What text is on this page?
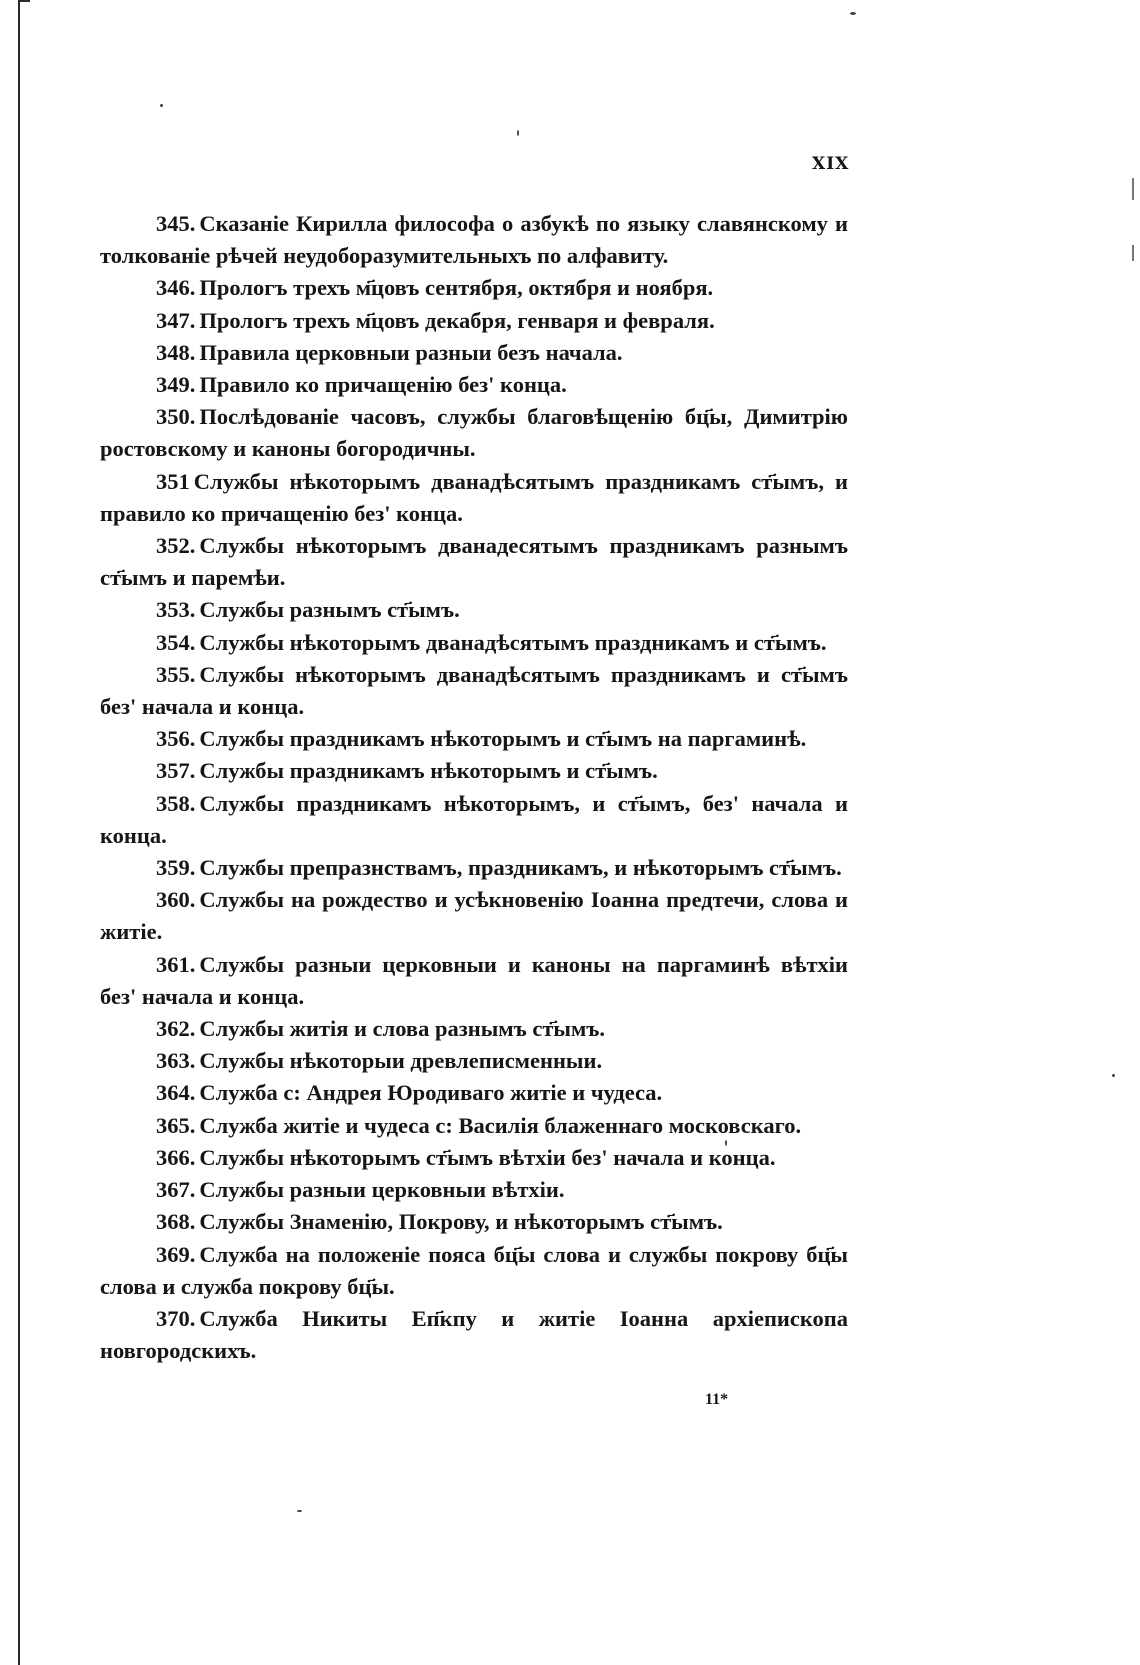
XIX

345. Сказаніе Кирилла философа о азбукѣ по языку славянскому и толкованіе рѣчей неудоборазумительныхъ по алфавиту.

346. Прологъ трехъ м҃цовъ сентября, октября и ноября.

347. Прологъ трехъ м҃цовъ декабря, генваря и февраля.

348. Правила церковныи разныи безъ начала.

349. Правило ко причащенію без' конца.

350. Послѣдованіе часовъ, службы благовѣщенію бц҃ы, Димитрію ростовскому и каноны богородичны.

351 Службы нѣкоторымъ дванадѣсятымъ праздникамъ ст҃ымъ, и правило ко причащенію без' конца.

352. Службы нѣкоторымъ дванадесятымъ праздникамъ разнымъ ст҃ымъ и паремѣи.

353. Службы разнымъ ст҃ымъ.

354. Службы нѣкоторымъ дванадѣсятымъ праздникамъ и ст҃ымъ.

355. Службы нѣкоторымъ дванадѣсятымъ праздникамъ и ст҃ымъ без' начала и конца.

356. Службы праздникамъ нѣкоторымъ и ст҃ымъ на паргаминѣ.

357. Службы праздникамъ нѣкоторымъ и ст҃ымъ.

358. Службы праздникамъ нѣкоторымъ, и ст҃ымъ, без' начала и конца.

359. Службы препразнствамъ, праздникамъ, и нѣкоторымъ ст҃ымъ.

360. Службы на рождество и усѣкновенію Іоанна предтечи, слова и житіе.

361. Службы разныи церковныи и каноны на паргаминѣ вѣтхіи без' начала и конца.

362. Службы житія и слова разнымъ ст҃ымъ.

363. Службы нѣкоторыи древлеписменныи.

364. Служба с: Андрея Юродиваго житіе и чудеса.

365. Служба житіе и чудеса с: Василія блаженнаго московскаго.

366. Службы нѣкоторымъ ст҃ымъ вѣтхіи без' начала и конца.

367. Службы разныи церковныи вѣтхіи.

368. Службы Знаменію, Покрову, и нѣкоторымъ ст҃ымъ.

369. Служба на положеніе пояса бц҃ы слова и службы покрову бц҃ы слова и служба покрову бц҃ы.

370. Служба Никиты Еп҃кпу и житіе Іоанна архіепископа новгородскихъ.

11*
